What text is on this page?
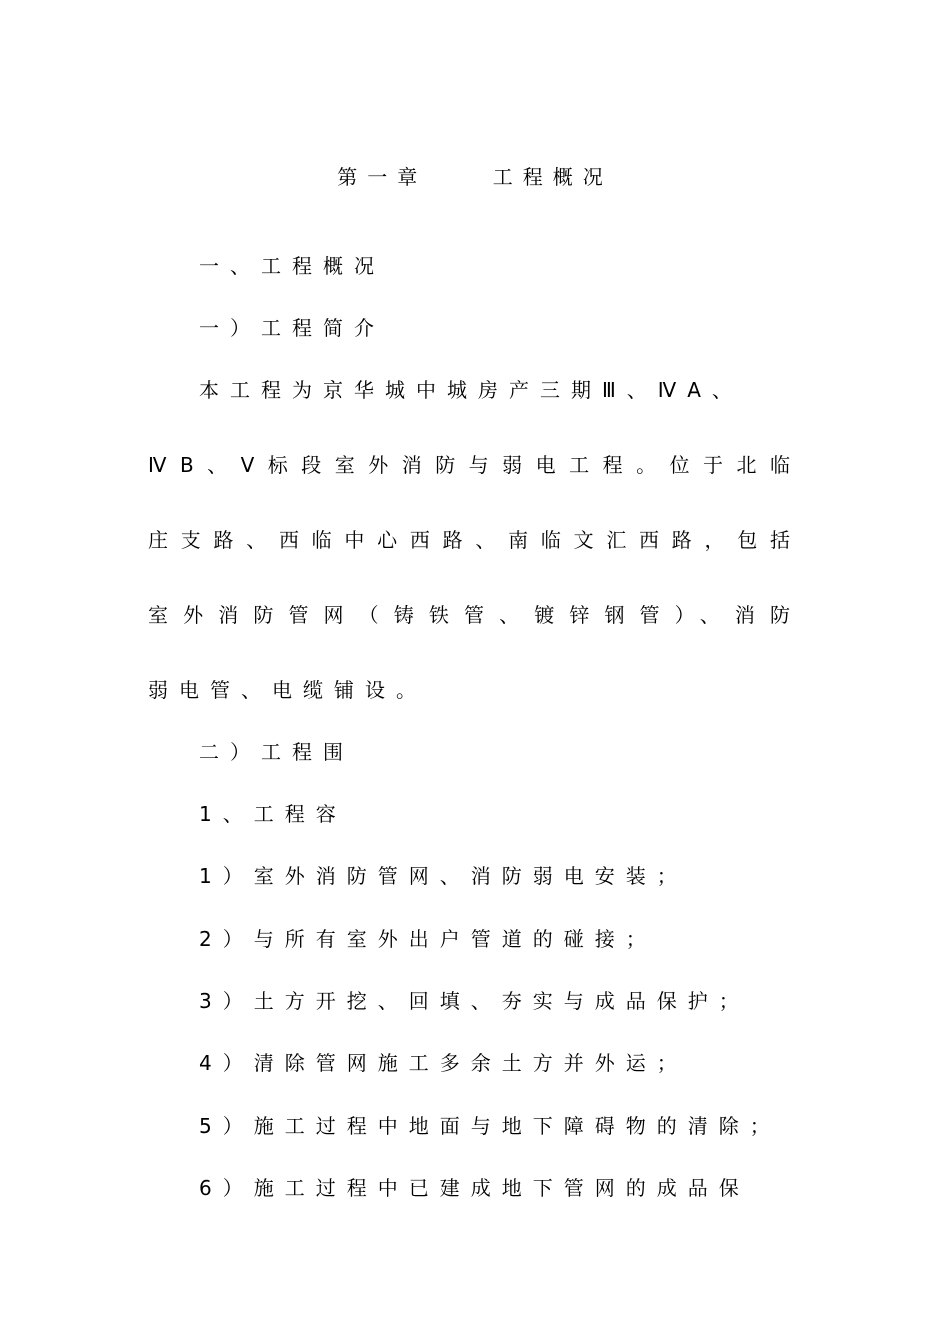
第一章    工程概况
一、工程概况
一）工程简介
本工程为京华城中城房产三期Ⅲ、ⅣA、
ⅣB、Ⅴ标段室外消防与弱电工程。位于北临
庄支路、西临中心西路、南临文汇西路，包括
室外消防管网（铸铁管、镀锌钢管）、消防
弱电管、电缆铺设。
二）工程围
1、工程容
1）室外消防管网、消防弱电安装；
2）与所有室外出户管道的碰接；
3）土方开挖、回填、夯实与成品保护；
4）清除管网施工多余土方并外运；
5）施工过程中地面与地下障碍物的清除；
6）施工过程中已建成地下管网的成品保
